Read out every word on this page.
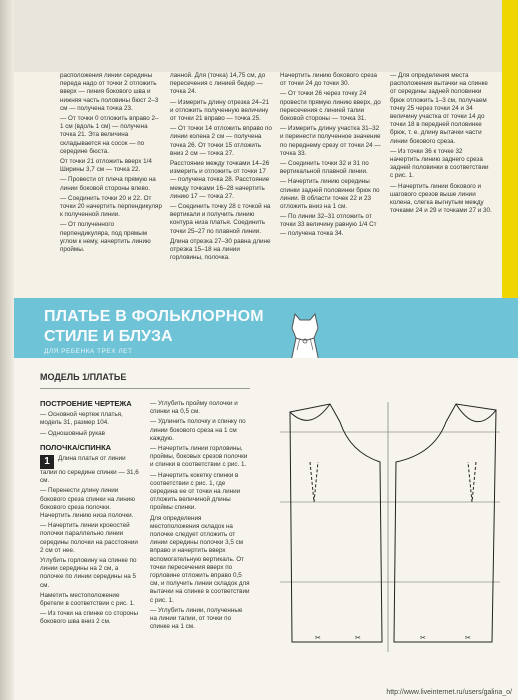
расположения линии середины переда надо от точки 2 отложить вверх — линия бокового шва и нижняя часть половины бюст 2–3 см — получена точка 23.

— От точки 0 отложить вправо 2–1 см (вдоль 1 см) — получена точка 21. Эта величина складывается на сосок — по середине бюста.

От точки 21 отложить вверх 1/4 Ширины 3,7 см — точка 22.

— Провести от плеча прямую на линии боковой стороны влево.

— Соединить точки 20 и 22. От точки 20 начертить перпендикуляр к полученной линии.

— От полученного перпендикуляра, под прямым углом к нему, начертить линию проймы.

ланной. Для (точка) 14,75 см, до пересечения с линией бедер — точка 24.

— Измерить длину отрезка 24–21 и отложить полученную величину от точки 21 вправо — точка 25.

— От точки 14 отложить вправо по линии колена 2 см — получена точка 26. От точки 15 отложить вниз 2 см — точка 27.

Расстояние между точками 14–26 измерить и отложить от точки 17 — получена точка 28. Расстояние между точками 16–28 начертить линию 17 — точка 27.

— Соединить точку 28 с точкой на вертикали и получить линию контура низа платья. Соединить точки 25–27 по плавной линии.

Длина отрезка 27–30 равна длине отрезка 15–18 на линии горловины, полочка.

Начертить линию бокового среза от точки 24 до точки 30.

— От точки 26 через точку 24 провести прямую линию вверх, до пересечения с линией талии боковой стороны — точка 31.

— Измерить длину участка 31–32 и перенести полученное значение по переднему срезу от точки 24 — точка 33.

— Соединить точки 32 и 31 по вертикальной плавной линии.

— Начертить линию середины спинки задней половинки брюк по линии. В области точек 22 и 23 отложить вниз на 1 см.

— По линии 32–31 отложить от точки 33 величину равную 1/4 Ст — получена точка 34.

— Для определения места расположения вытачки на спинке от середины задней половинки брюк отложить 1–3 см, получаем точку 25 через точки 24 и 34 величину участка от точки 14 до точки 18 в передней половинке брюк, т. е. длину вытачки части линии бокового среза.

— Из точки 36 к точке 32 начертить линию заднего среза задней половинки в соответствии с рис. 1.

— Начертить линии бокового и шагового срезов выше линии колена, слегка выгнутым между точками 24 и 29 и точками 27 и 30.

ПЛАТЬЕ В ФОЛЬКЛОРНОМ
СТИЛЕ И БЛУЗА
ДЛЯ РЕБЕНКА ТРЕХ ЛЕТ
МОДЕЛЬ 1/ПЛАТЬЕ
ПОСТРОЕНИЕ ЧЕРТЕЖА

— Основной чертеж платья, модель 31, размер 104.

— Одношовный рукав

ПОЛОЧКА/СПИНКА

1 Длина платья от линии талии по середине спинки — 31,6 см.

— Перенести длину линии бокового среза спинки на линию бокового среза полочки. Начертить линию низа полочки.

— Начертить линии кроеостей полочки параллельно линии середины полочки на расстоянии 2 см от нее.

Углубить горловину на спинке по линии середины на 2 см, а полочке по линии середины на 5 см.

Наметить местоположение бретели в соответствии с рис. 1.

— Из точки на спинке со стороны бокового шва вниз 2 см.

— Углубить пройму полочки и спинки на 0,5 см.

— Удлинить полочку и спинку по линии бокового среза на 1 см каждую.

— Начертить линии горловины, проймы, боковых срезов полочки и спинки в соответствии с рис. 1.

— Начертить кокетку спинки в соответствии с рис. 1, где середина ее от точки на линии отложить величиной длины проймы спинки.

Для определения местоположения складок на полочке следует отложить от линии середины полочки 3,5 см вправо и начертить вверх вспомогательную вертикаль. От точки пересечения вверх по горловине отложить вправо 0,5 см, и получить линии складок для вытачки на спинке в соответствии с рис. 1.

— Углубить линии, полученные на линии талии, от точки по спинке на 1 см.

✂	✂	✂	✂
http://www.liveinternet.ru/users/galina_o/
